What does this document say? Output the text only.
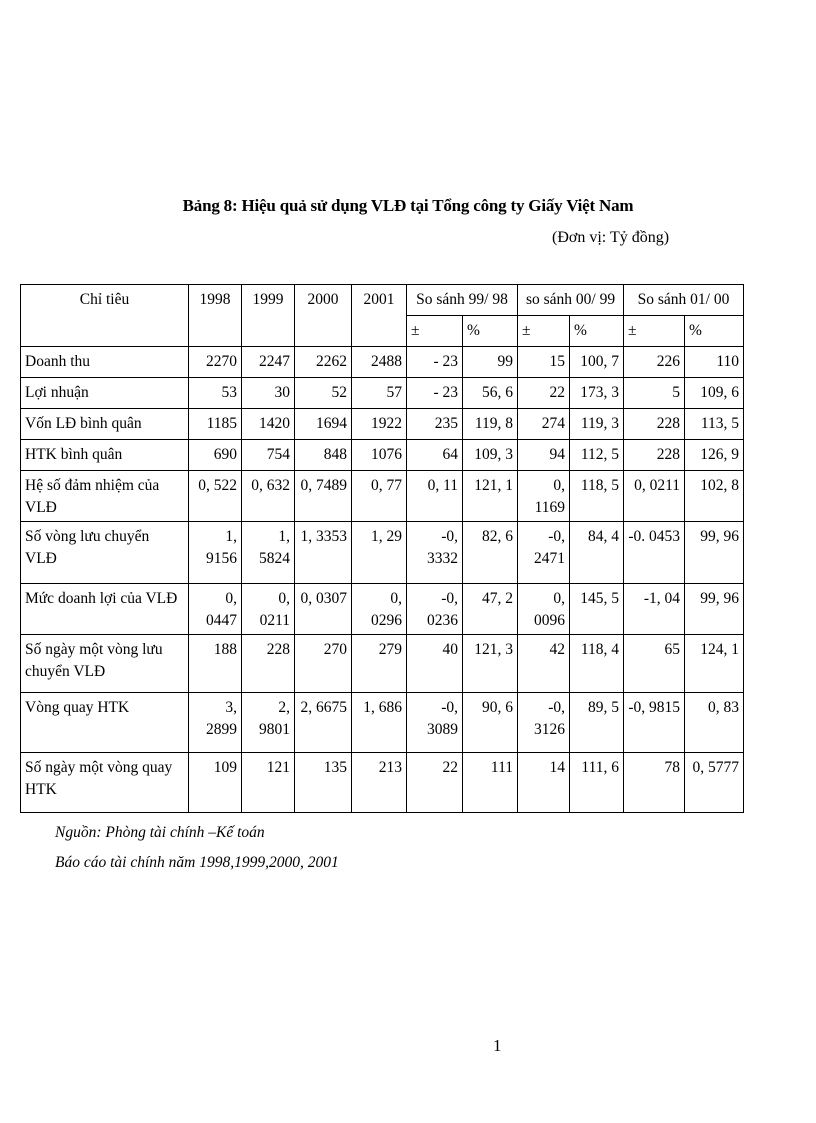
Bảng 8: Hiệu quả sử dụng VLĐ tại Tổng công ty Giấy Việt Nam
(Đơn vị: Tỷ đồng)
Chỉ tiêu	1998	1999	2000	2001	So sánh 99/ 98		so sánh 00/ 99		So sánh 01/ 00	
					±	%	±	%	±	%
Doanh thu	2270	2247	2262	2488	- 23	99	15	100, 7	226	110
Lợi nhuận	53	30	52	57	- 23	56, 6	22	173, 3	5	109, 6
Vốn LĐ bình quân	1185	1420	1694	1922	235	119, 8	274	119, 3	228	113, 5
HTK bình quân	690	754	848	1076	64	109, 3	94	112, 5	228	126, 9
Hệ số đảm nhiệm của VLĐ	0, 522	0, 632	0, 7489	0, 77	0, 11	121, 1	0, 1169	118, 5	0, 0211	102, 8
Số vòng lưu chuyển VLĐ	1, 9156	1, 5824	1, 3353	1, 29	-0, 3332	82, 6	-0, 2471	84, 4	-0. 0453	99, 96
Mức doanh lợi của VLĐ	0, 0447	0, 0211	0, 0307	0, 0296	-0, 0236	47, 2	0, 0096	145, 5	-1, 04	99, 96
Số ngày một vòng lưu chuyển VLĐ	188	228	270	279	40	121, 3	42	118, 4	65	124, 1
Vòng quay HTK	3, 2899	2, 9801	2, 6675	1, 686	-0, 3089	90, 6	-0, 3126	89, 5	-0, 9815	0, 83
Số ngày một vòng quay HTK	109	121	135	213	22	111	14	111, 6	78	0, 5777
Nguồn: Phòng tài chính –Kế toán
Báo cáo tài chính năm 1998,1999,2000, 2001
1
